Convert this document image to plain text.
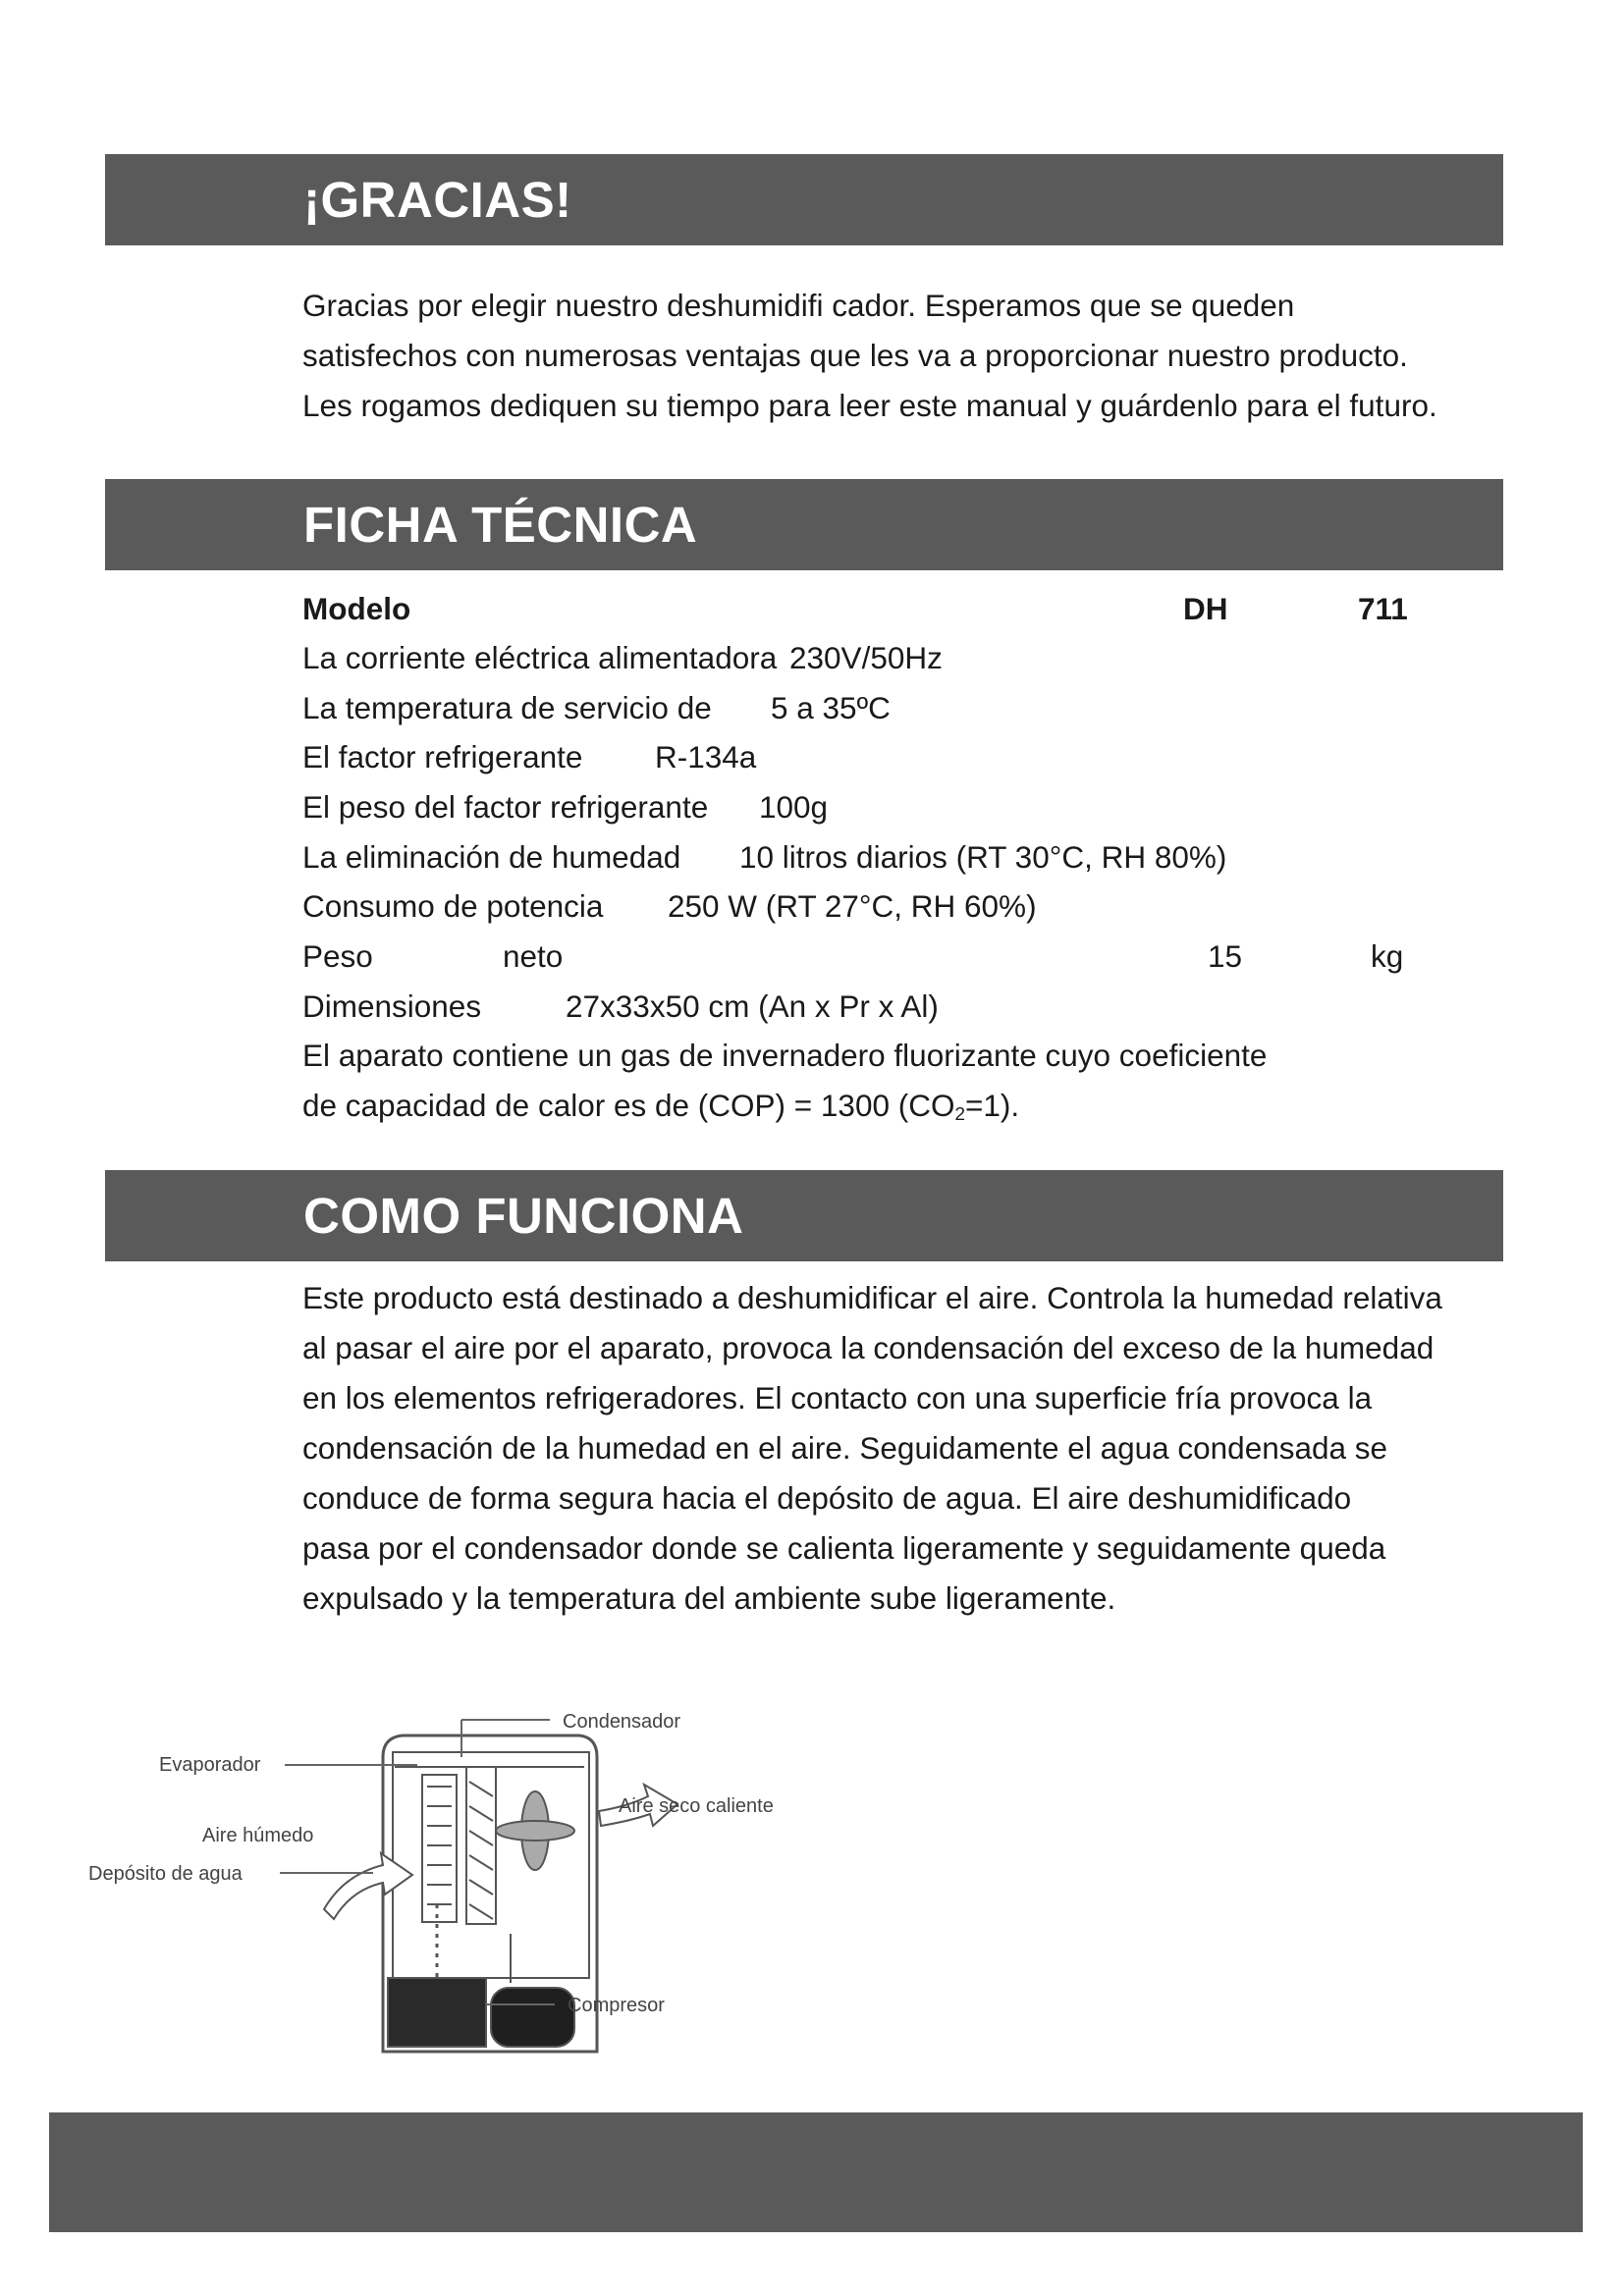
¡GRACIAS!
Gracias por elegir nuestro deshumidifi cador. Esperamos que se queden
satisfechos con numerosas ventajas que les va a proporcionar nuestro producto.
Les rogamos dediquen su tiempo para leer este manual y guárdenlo para el futuro.
FICHA TÉCNICA
Modelo	DH	711
La corriente eléctrica alimentadora 230V/50Hz
La temperatura de servicio de 5 a 35ºC
El factor refrigerante R-134a
El peso del factor refrigerante 100g
La eliminación de humedad 10 litros diarios (RT 30°C, RH 80%)
Consumo de potencia 250 W (RT 27°C, RH 60%)
Peso	neto	15	kg
Dimensiones	27x33x50 cm (An x Pr x Al)
El aparato contiene un gas de invernadero fluorizante cuyo coeficiente
de capacidad de calor es de (COP) = 1300 $(CO_2=1)$.
COMO FUNCIONA
Este producto está destinado a deshumidificar el aire. Controla la humedad relativa
al pasar el aire por el aparato, provoca la condensación del exceso de la humedad
en los elementos refrigeradores. El contacto con una superficie fría provoca la
condensación de la humedad en el aire. Seguidamente el agua condensada se
conduce de forma segura hacia el depósito de agua. El aire deshumidificado
pasa por el condensador donde se calienta ligeramente y seguidamente queda
expulsado y la temperatura del ambiente sube ligeramente.
Condensador
Evaporador
Aire seco caliente
Aire húmedo
Depósito de agua
Compresor
